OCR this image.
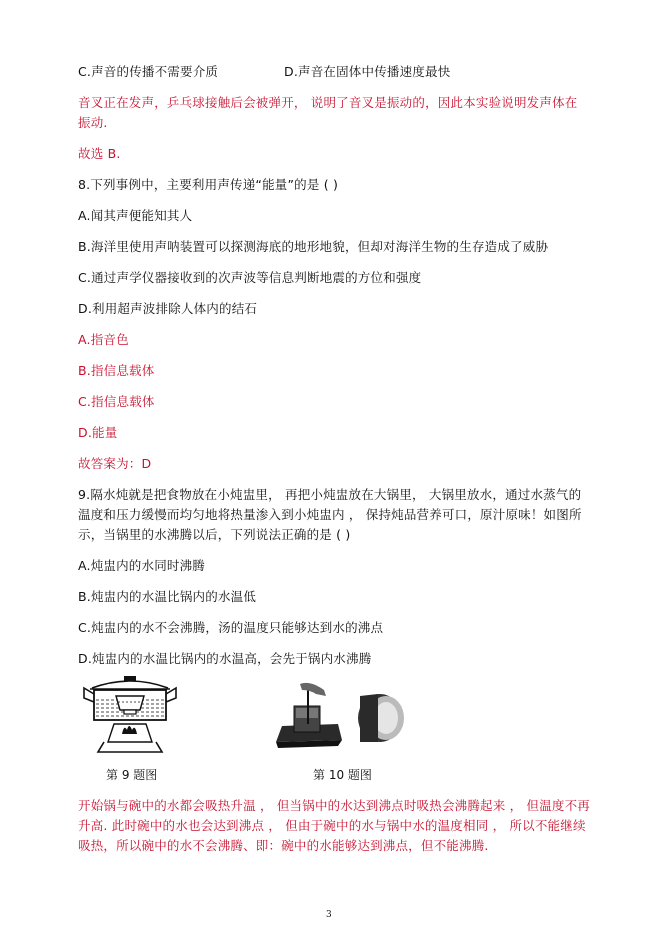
C.声音的传播不需要介质	D.声音在固体中传播速度最快
音叉正在发声，乒乓球接触后会被弹开， 说明了音叉是振动的，因此本实验说明发声体在
振动.
故选 B.
8.下列事例中，主要利用声传递“能量”的是 ( )
A.闻其声便能知其人
B.海洋里使用声呐装置可以探测海底的地形地貌，但却对海洋生物的生存造成了威胁
C.通过声学仪器接收到的次声波等信息判断地震的方位和强度
D.利用超声波排除人体内的结石
A.指音色
B.指信息载体
C.指信息载体
D.能量
故答案为：D
9.隔水炖就是把食物放在小炖盅里， 再把小炖盅放在大锅里， 大锅里放水，通过水蒸气的
温度和压力缓慢而均匀地将热量渗入到小炖盅内 ， 保持炖品营养可口，原汁原味！如图所
示，当锅里的水沸腾以后，下列说法正确的是 ( )
A.炖盅内的水同时沸腾
B.炖盅内的水温比锅内的水温低
C.炖盅内的水不会沸腾，汤的温度只能够达到水的沸点
D.炖盅内的水温比锅内的水温高，会先于锅内水沸腾
第 9 题图	第 10 题图
开始锅与碗中的水都会吸热升温 ， 但当锅中的水达到沸点时吸热会沸腾起来 ， 但温度不再
升高. 此时碗中的水也会达到沸点 ， 但由于碗中的水与锅中水的温度相同 ， 所以不能继续
吸热，所以碗中的水不会沸腾、即：碗中的水能够达到沸点，但不能沸腾.
3
